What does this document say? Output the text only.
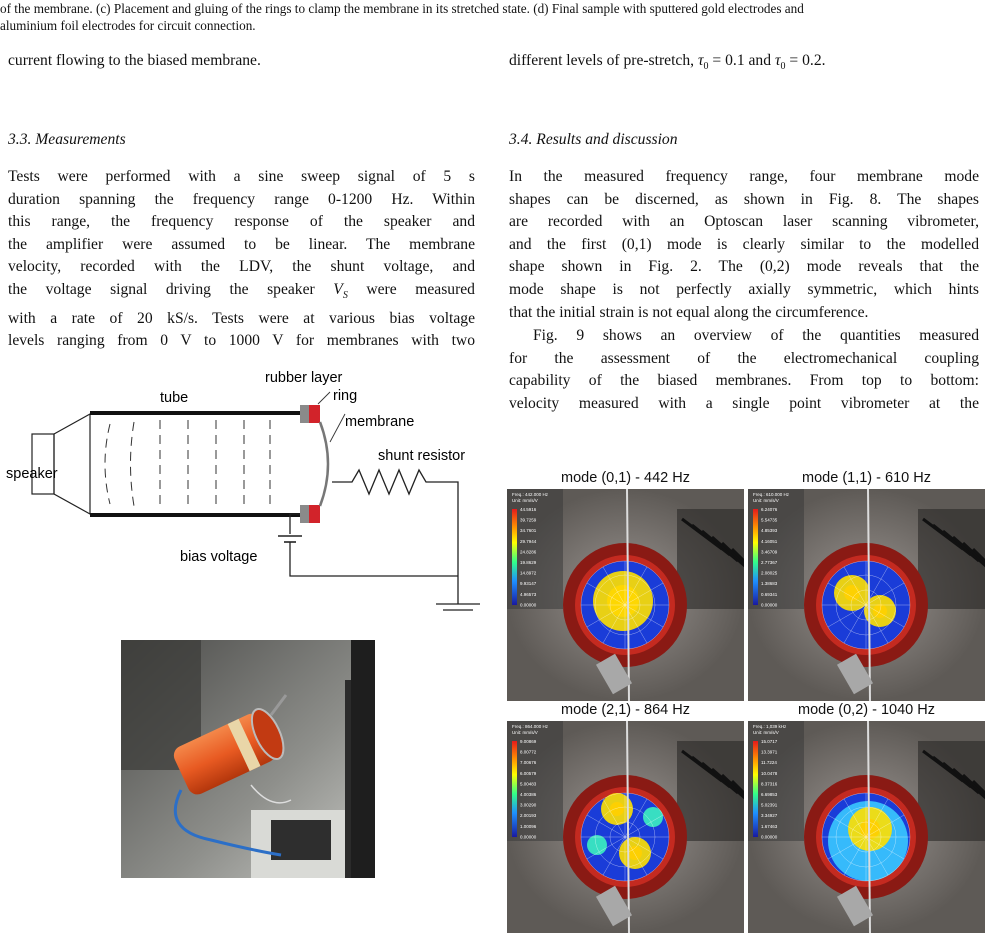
of the membrane. (c) Placement and gluing of the rings to clamp the membrane in its stretched state. (d) Final sample with sputtered gold electrodes and

aluminium foil electrodes for circuit connection.

current flowing to the biased membrane.

3.3. Measurements

Tests were performed with a sine sweep signal of 5 s

duration spanning the frequency range 0-1200 Hz. Within

this range, the frequency response of the speaker and

the amplifier were assumed to be linear. The membrane

velocity, recorded with the LDV, the shunt voltage, and

the voltage signal driving the speaker $V_S$ were measured

with a rate of 20 kS/s. Tests were at various bias voltage

levels ranging from 0 V to 1000 V for membranes with two

speaker
tube
rubber layer
ring
membrane
shunt resistor
bias voltage

different levels of pre-stretch, $\tau_0 = 0.1$ and $\tau_0 = 0.2$.

3.4. Results and discussion

In the measured frequency range, four membrane mode

shapes can be discerned, as shown in Fig. 8. The shapes

are recorded with an Optoscan laser scanning vibrometer,

and the first (0,1) mode is clearly similar to the modelled

shape shown in Fig. 2. The (0,2) mode reveals that the

mode shape is not perfectly axially symmetric, which hints

that the initial strain is not equal along the circumference.

Fig. 9 shows an overview of the quantities measured

for the assessment of the electromechanical coupling

capability of the biased membranes. From top to bottom:

velocity measured with a single point vibrometer at the

mode (0,1) - 442 Hz
Freq.: 442.000 Hz
Unit: mm/s/V
44.5916
39.7259
34.7601
29.7944
24.8286
19.8629
14.8972
9.93147
4.96573
0.00000
mode (1,1) - 610 Hz
Freq.: 610.000 Hz
Unit: mm/s/V
6.24076
5.54735
4.85393
4.16051
3.46709
2.77367
2.08025
1.38683
0.69341
0.00000
mode (2,1) - 864 Hz
Freq.: 864.000 Hz
Unit: mm/s/V
9.00869
8.00772
7.00676
6.00579
5.00483
4.00386
3.00290
2.00193
1.00096
0.00000
mode (0,2) - 1040 Hz
Freq.: 1,039 kHz
Unit: mm/s/V
15.0717
13.3971
11.7224
10.0478
8.37316
6.69853
5.02391
3.34927
1.67463
0.00000
